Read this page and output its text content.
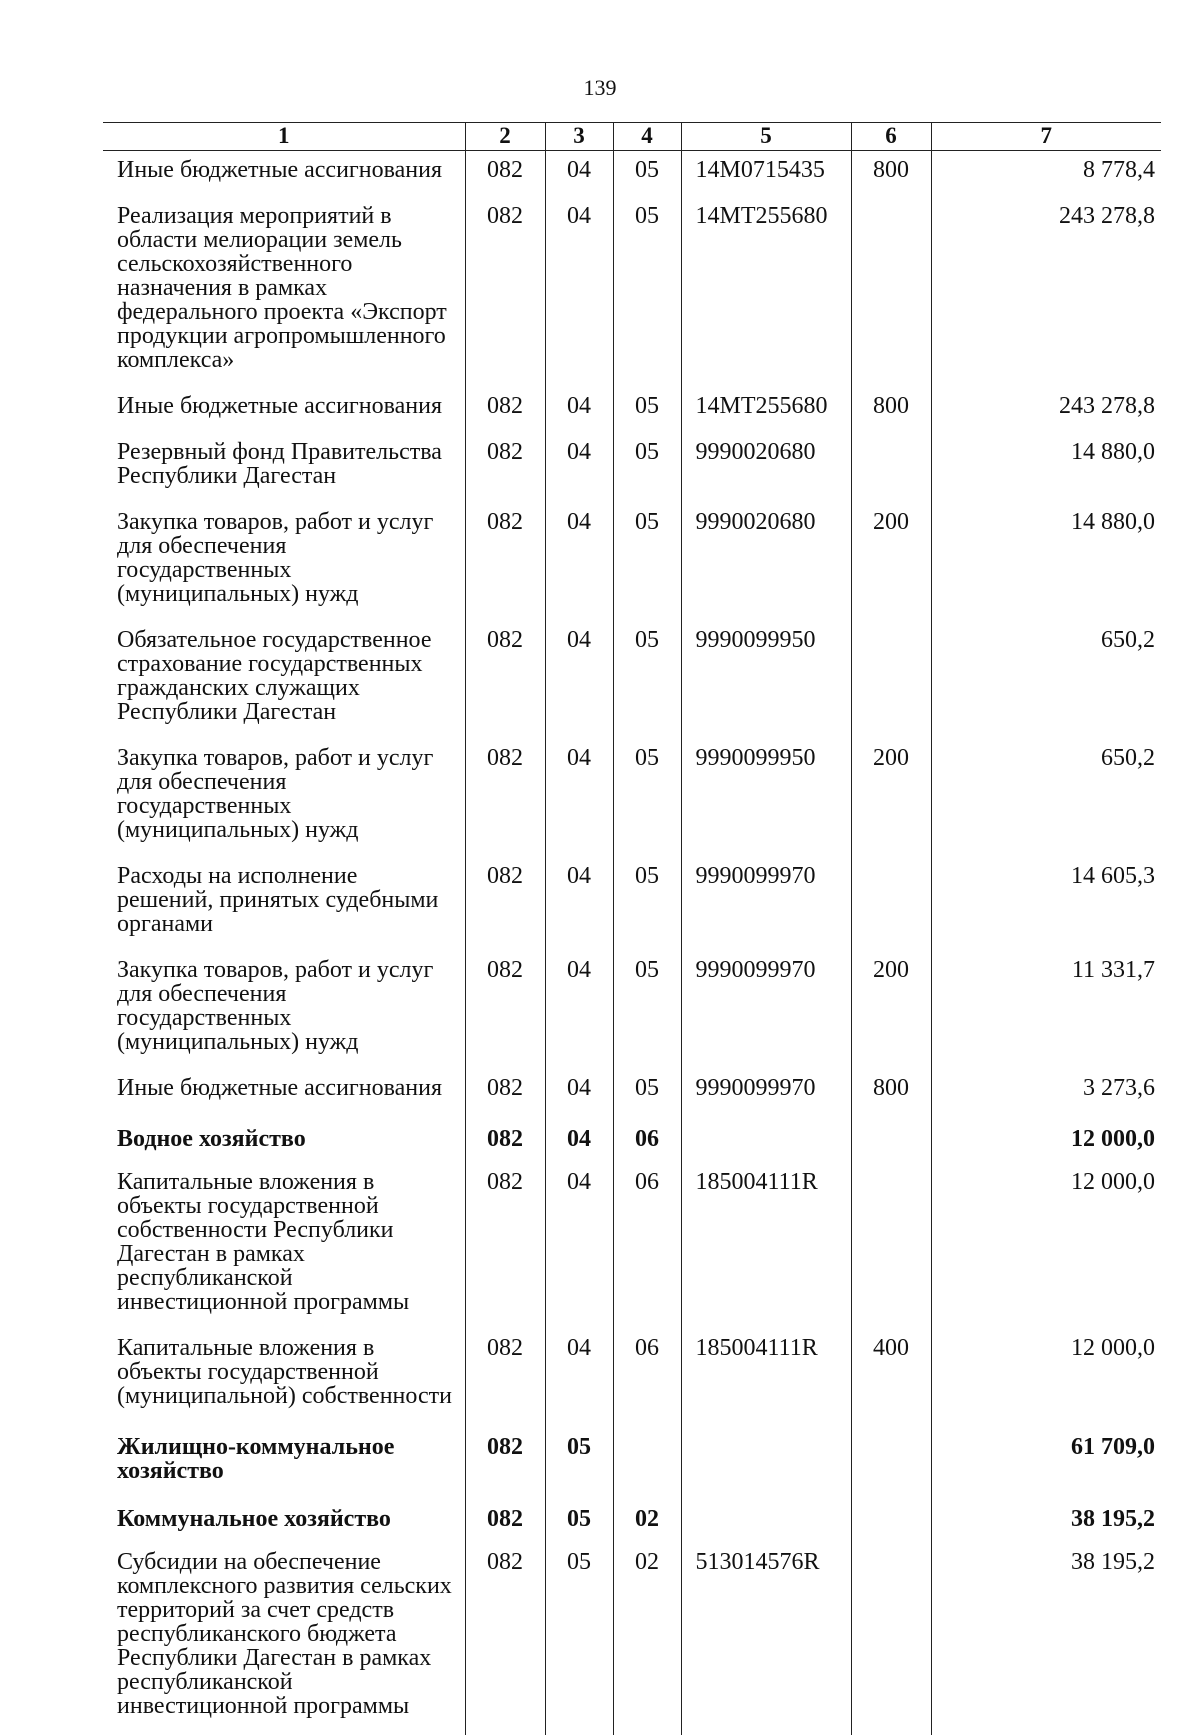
139
1	2	3	4	5	6	7
Иные бюджетные ассигнования	082	04	05	14М0715435	800	8 778,4
Реализация мероприятий в области мелиорации земель сельскохозяйственного назначения в рамках федерального проекта «Экспорт продукции агропромышленного комплекса»	082	04	05	14МТ255680		243 278,8
Иные бюджетные ассигнования	082	04	05	14МТ255680	800	243 278,8
Резервный фонд Правительства Республики Дагестан	082	04	05	9990020680		14 880,0
Закупка товаров, работ и услуг для обеспечения государственных (муниципальных) нужд	082	04	05	9990020680	200	14 880,0
Обязательное государственное страхование государственных гражданских служащих Республики Дагестан	082	04	05	9990099950		650,2
Закупка товаров, работ и услуг для обеспечения государственных (муниципальных) нужд	082	04	05	9990099950	200	650,2
Расходы на исполнение решений, принятых судебными органами	082	04	05	9990099970		14 605,3
Закупка товаров, работ и услуг для обеспечения государственных (муниципальных) нужд	082	04	05	9990099970	200	11 331,7
Иные бюджетные ассигнования	082	04	05	9990099970	800	3 273,6
Водное хозяйство	082	04	06			12 000,0
Капитальные вложения в объекты государственной собственности Республики Дагестан в рамках республиканской инвестиционной программы	082	04	06	185004111R		12 000,0
Капитальные вложения в объекты государственной (муниципальной) собственности	082	04	06	185004111R	400	12 000,0
Жилищно-коммунальное хозяйство	082	05				61 709,0
Коммунальное хозяйство	082	05	02			38 195,2
Субсидии на обеспечение комплексного развития сельских территорий за счет средств республиканского бюджета Республики Дагестан в рамках республиканской инвестиционной программы	082	05	02	513014576R		38 195,2
